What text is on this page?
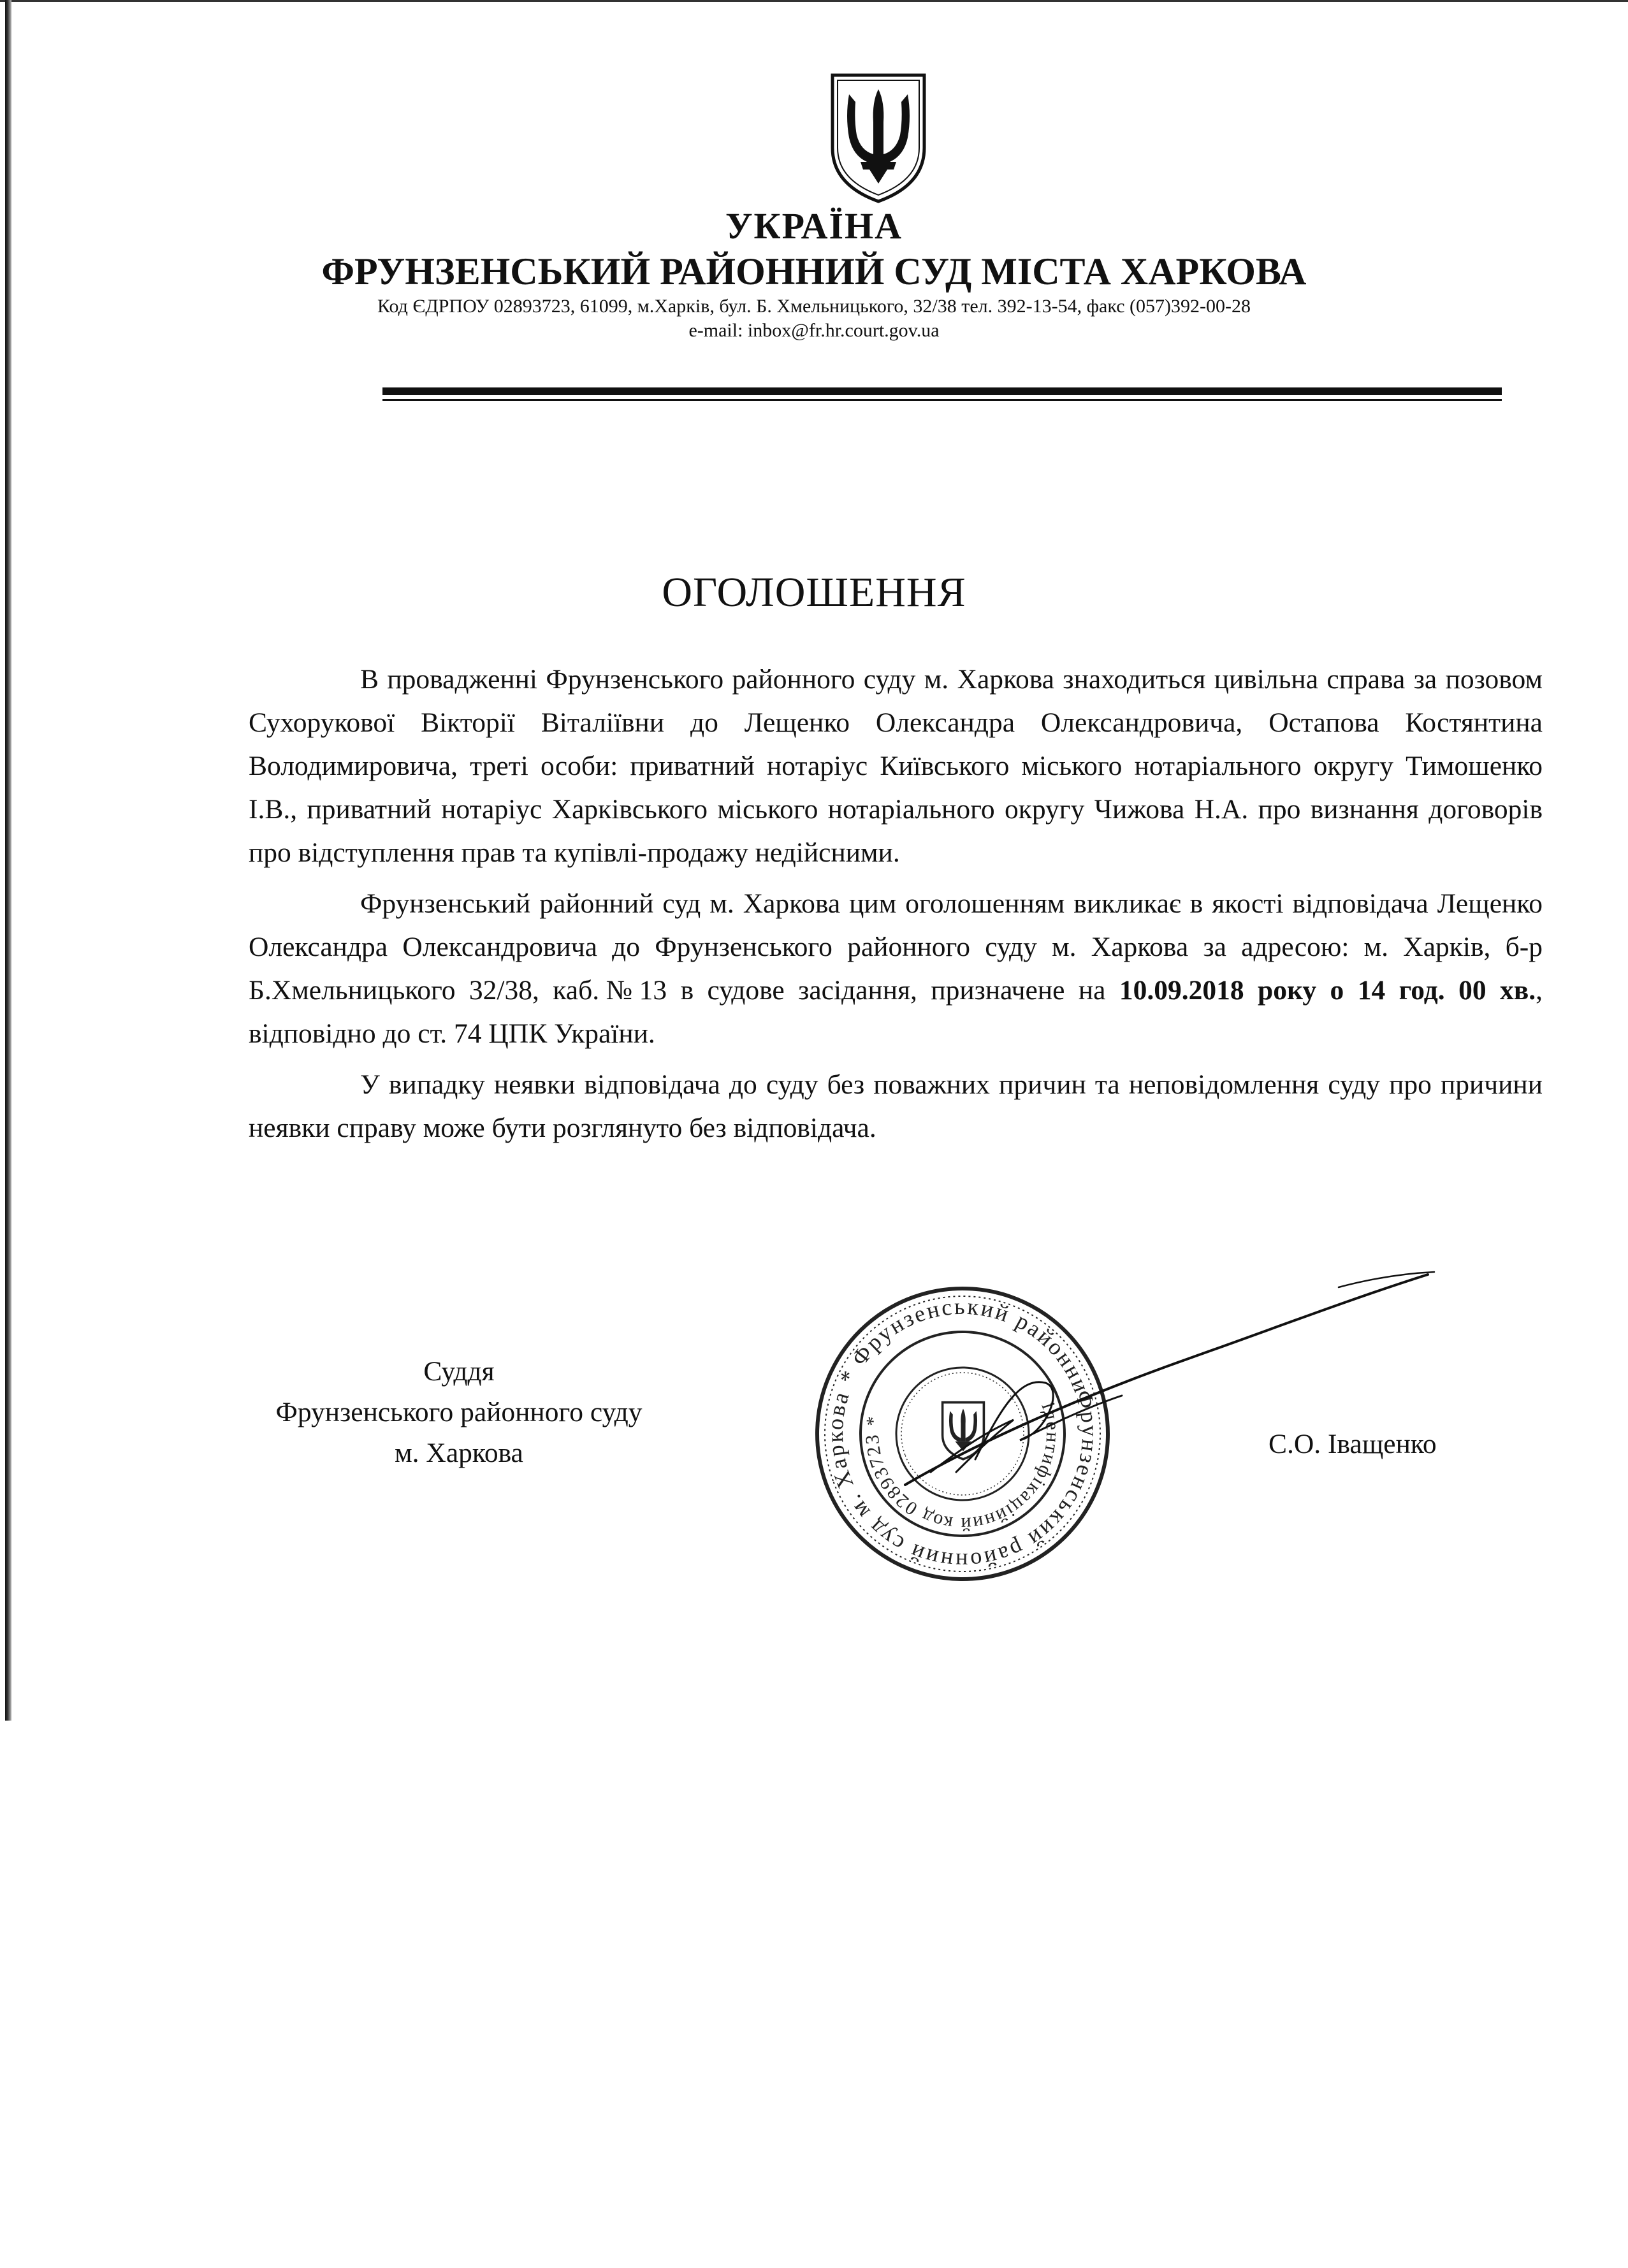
УКРАЇНА
ФРУНЗЕНСЬКИЙ РАЙОННИЙ СУД МІСТА ХАРКОВА
Код ЄДРПОУ 02893723, 61099, м.Харків, бул. Б. Хмельницького, 32/38 тел. 392-13-54, факс (057)392-00-28
e-mail: inbox@fr.hr.court.gov.ua
ОГОЛОШЕННЯ

В провадженні Фрунзенського районного суду м. Харкова знаходиться цивільна справа за позовом Сухорукової Вікторії Віталіївни до Лещенко Олександра Олександровича, Остапова Костянтина Володимировича, треті особи: приватний нотаріус Київського міського нотаріального округу Тимошенко І.В., приватний нотаріус Харківського міського нотаріального округу Чижова Н.А. про визнання договорів про відступлення прав та купівлі-продажу недійсними.

Фрунзенський районний суд м. Харкова цим оголошенням викликає в якості відповідача Лещенко Олександра Олександровича до Фрунзенського районного суду м. Харкова за адресою: м. Харків, б-р Б.Хмельницького 32/38, каб.№13 в судове засідання, призначене на 10.09.2018 року о 14 год. 00 хв., відповідно до ст. 74 ЦПК України.

У випадку неявки відповідача до суду без поважних причин та неповідомлення суду про причини неявки справу може бути розглянуто без відповідача.

Суддя
Фрунзенського районного суду
м. Харкова
Фрунзенський районний суд м. Харкова * Фрунзенський районний
ідентифікаційний код 02893723 *
С.О. Іващенко
